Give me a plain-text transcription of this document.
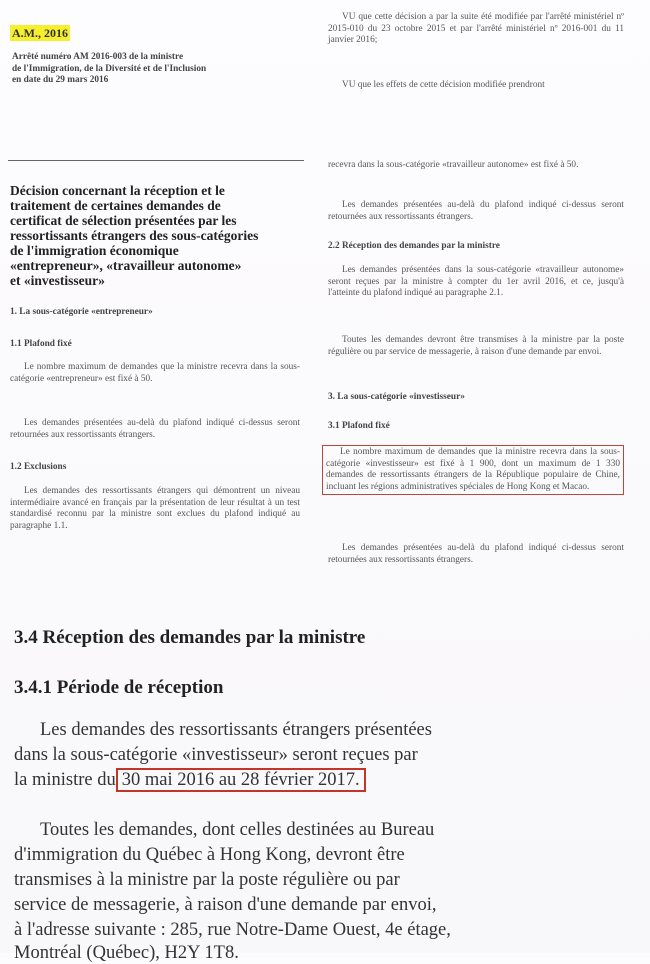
A.M., 2016
Arrêté numéro AM 2016-003 de la ministre
de l'Immigration, de la Diversité et de l'Inclusion
en date du 29 mars 2016
Décision concernant la réception et le
traitement de certaines demandes de
certificat de sélection présentées par les
ressortissants étrangers des sous-catégories
de l'immigration économique
«entrepreneur», «travailleur autonome»
et «investisseur»
1. La sous-catégorie «entrepreneur»
1.1 Plafond fixé
Le nombre maximum de demandes que la ministre recevra dans la sous-catégorie «entrepreneur» est fixé à 50.
Les demandes présentées au-delà du plafond indiqué ci-dessus seront retournées aux ressortissants étrangers.
1.2 Exclusions
Les demandes des ressortissants étrangers qui démontrent un niveau intermédiaire avancé en français par la présentation de leur résultat à un test standardisé reconnu par la ministre sont exclues du plafond indiqué au paragraphe 1.1.
VU que cette décision a par la suite été modifiée par l'arrêté ministériel nº 2015-010 du 23 octobre 2015 et par l'arrêté ministériel nº 2016-001 du 11 janvier 2016;
VU que les effets de cette décision modifiée prendront
recevra dans la sous-catégorie «travailleur autonome» est fixé à 50.
Les demandes présentées au-delà du plafond indiqué ci-dessus seront retournées aux ressortissants étrangers.
2.2 Réception des demandes par la ministre
Les demandes présentées dans la sous-catégorie «travailleur autonome» seront reçues par la ministre à compter du 1er avril 2016, et ce, jusqu'à l'atteinte du plafond indiqué au paragraphe 2.1.
Toutes les demandes devront être transmises à la ministre par la poste régulière ou par service de messagerie, à raison d'une demande par envoi.
3. La sous-catégorie «investisseur»
3.1 Plafond fixé
Le nombre maximum de demandes que la ministre recevra dans la sous-catégorie «investisseur» est fixé à 1 900, dont un maximum de 1 330 demandes de ressortissants étrangers de la République populaire de Chine, incluant les régions administratives spéciales de Hong Kong et Macao.
Les demandes présentées au-delà du plafond indiqué ci-dessus seront retournées aux ressortissants étrangers.
3.4 Réception des demandes par la ministre
3.4.1 Période de réception
Les demandes des ressortissants étrangers présentées
dans la sous-catégorie «investisseur» seront reçues par
la ministre du 30 mai 2016 au 28 février 2017.
Toutes les demandes, dont celles destinées au Bureau
d'immigration du Québec à Hong Kong, devront être
transmises à la ministre par la poste régulière ou par
service de messagerie, à raison d'une demande par envoi,
à l'adresse suivante : 285, rue Notre-Dame Ouest, 4e étage,
Montréal (Québec), H2Y 1T8.
